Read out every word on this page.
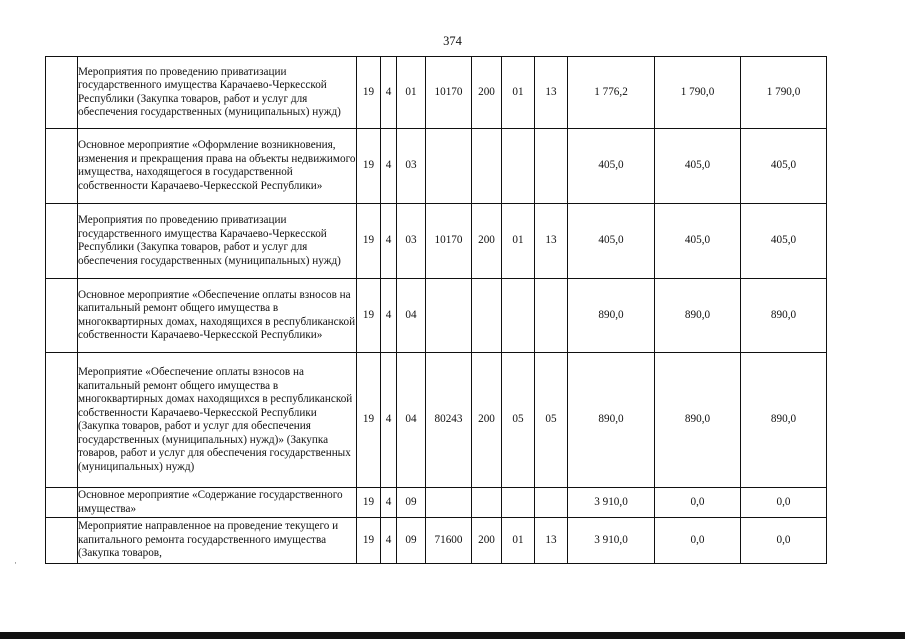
374
	Мероприятия по проведению приватизации государственного имущества Карачаево-Черкесской Республики (Закупка товаров, работ и услуг для обеспечения государственных (муниципальных) нужд)	19	4	01	10170	200	01	13	1 776,2	1 790,0	1 790,0
	Основное мероприятие «Оформление возникновения, изменения и прекращения права на объекты недвижимого имущества, находящегося в государственной собственности Карачаево-Черкесской Республики»	19	4	03					405,0	405,0	405,0
	Мероприятия по проведению приватизации государственного имущества Карачаево-Черкесской Республики (Закупка товаров, работ и услуг для обеспечения государственных (муниципальных) нужд)	19	4	03	10170	200	01	13	405,0	405,0	405,0
	Основное мероприятие «Обеспечение оплаты взносов на капитальный ремонт общего имущества в многоквартирных домах, находящихся в республиканской собственности Карачаево-Черкесской Республики»	19	4	04					890,0	890,0	890,0
	Мероприятие «Обеспечение оплаты взносов на капитальный ремонт общего имущества в многоквартирных домах находящихся в республиканской собственности Карачаево-Черкесской Республики (Закупка товаров, работ и услуг для обеспечения государственных (муниципальных) нужд)» (Закупка товаров, работ и услуг для обеспечения государственных (муниципальных) нужд)	19	4	04	80243	200	05	05	890,0	890,0	890,0
	Основное мероприятие «Содержание государственного имущества»	19	4	09					3 910,0	0,0	0,0
	Мероприятие направленное на проведение текущего и капитального ремонта государственного имущества (Закупка товаров,	19	4	09	71600	200	01	13	3 910,0	0,0	0,0
·
